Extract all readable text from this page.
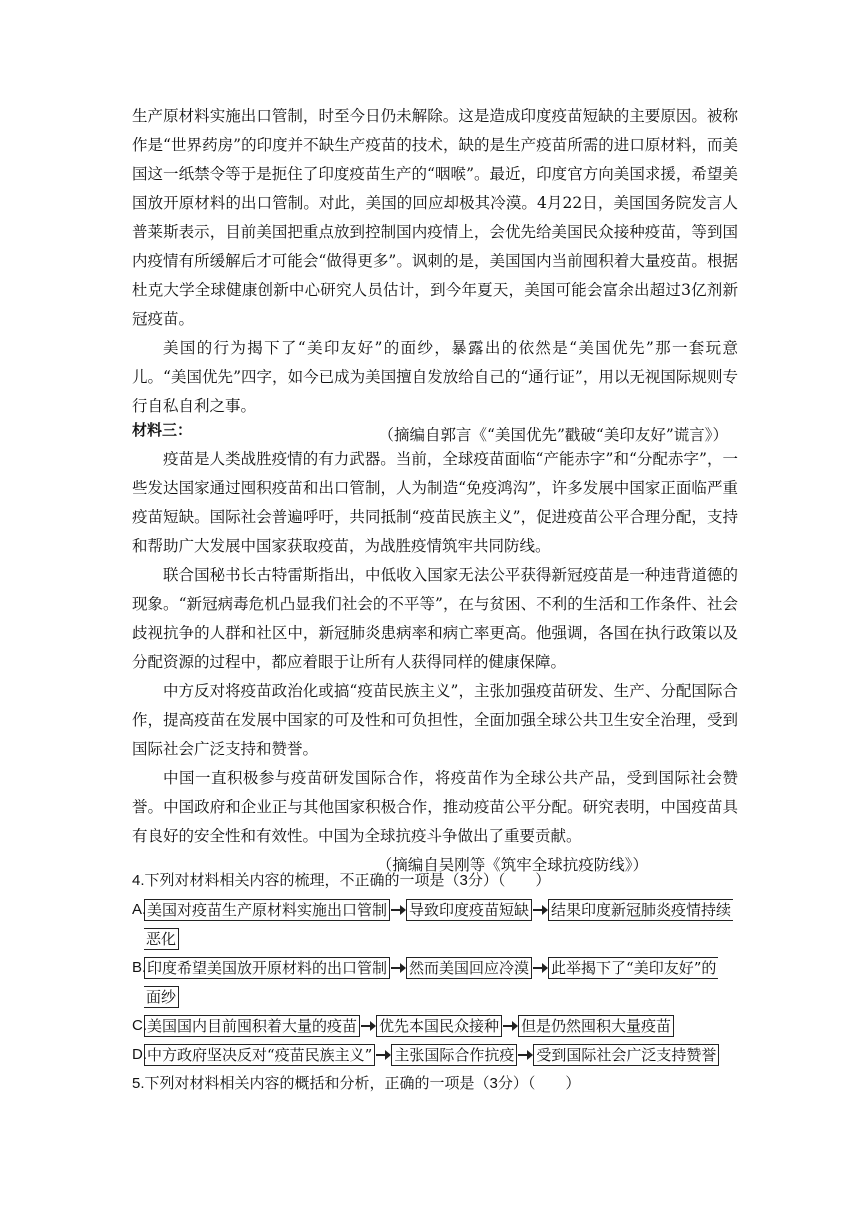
生产原材料实施出口管制，时至今日仍未解除。这是造成印度疫苗短缺的主要原因。被称作是“世界药房”的印度并不缺生产疫苗的技术，缺的是生产疫苗所需的进口原材料，而美国这一纸禁令等于是扼住了印度疫苗生产的“咽喉”。最近，印度官方向美国求援，希望美国放开原材料的出口管制。对此，美国的回应却极其冷漠。4月22日，美国国务院发言人普莱斯表示，目前美国把重点放到控制国内疫情上，会优先给美国民众接种疫苗，等到国内疫情有所缓解后才可能会“做得更多”。讽刺的是，美国国内当前囤积着大量疫苗。根据杜克大学全球健康创新中心研究人员估计，到今年夏天，美国可能会富余出超过3亿剂新冠疫苗。

美国的行为揭下了“美印友好”的面纱，暴露出的依然是“美国优先”那一套玩意儿。“美国优先”四字，如今已成为美国擅自发放给自己的“通行证”，用以无视国际规则专行自私自利之事。

（摘编自郭言《“美国优先”戳破“美印友好”谎言》）

材料三：

疫苗是人类战胜疫情的有力武器。当前，全球疫苗面临“产能赤字”和“分配赤字”，一些发达国家通过囤积疫苗和出口管制，人为制造“免疫鸿沟”，许多发展中国家正面临严重疫苗短缺。国际社会普遍呼吁，共同抵制“疫苗民族主义”，促进疫苗公平合理分配，支持和帮助广大发展中国家获取疫苗，为战胜疫情筑牢共同防线。

联合国秘书长古特雷斯指出，中低收入国家无法公平获得新冠疫苗是一种违背道德的现象。“新冠病毒危机凸显我们社会的不平等”，在与贫困、不利的生活和工作条件、社会歧视抗争的人群和社区中，新冠肺炎患病率和病亡率更高。他强调，各国在执行政策以及分配资源的过程中，都应着眼于让所有人获得同样的健康保障。

中方反对将疫苗政治化或搞“疫苗民族主义”，主张加强疫苗研发、生产、分配国际合作，提高疫苗在发展中国家的可及性和可负担性，全面加强全球公共卫生安全治理，受到国际社会广泛支持和赞誉。

中国一直积极参与疫苗研发国际合作，将疫苗作为全球公共产品，受到国际社会赞誉。中国政府和企业正与其他国家积极合作，推动疫苗公平分配。研究表明，中国疫苗具有良好的安全性和有效性。中国为全球抗疫斗争做出了重要贡献。

（摘编自吴刚等《筑牢全球抗疫防线》）

4.下列对材料相关内容的梳理，不正确的一项是（3分）（　　）

A. 美国对疫苗生产原材料实施出口管制 导致印度疫苗短缺 结果印度新冠肺炎疫情持续
恶化
B. 印度希望美国放开原材料的出口管制 然而美国回应冷漠 此举揭下了“美印友好”的
面纱
C. 美国国内目前囤积着大量的疫苗 优先本国民众接种 但是仍然囤积大量疫苗
D. 中方政府坚决反对“疫苗民族主义” 主张国际合作抗疫 受到国际社会广泛支持赞誉

5.下列对材料相关内容的概括和分析，正确的一项是（3分）（　　）
